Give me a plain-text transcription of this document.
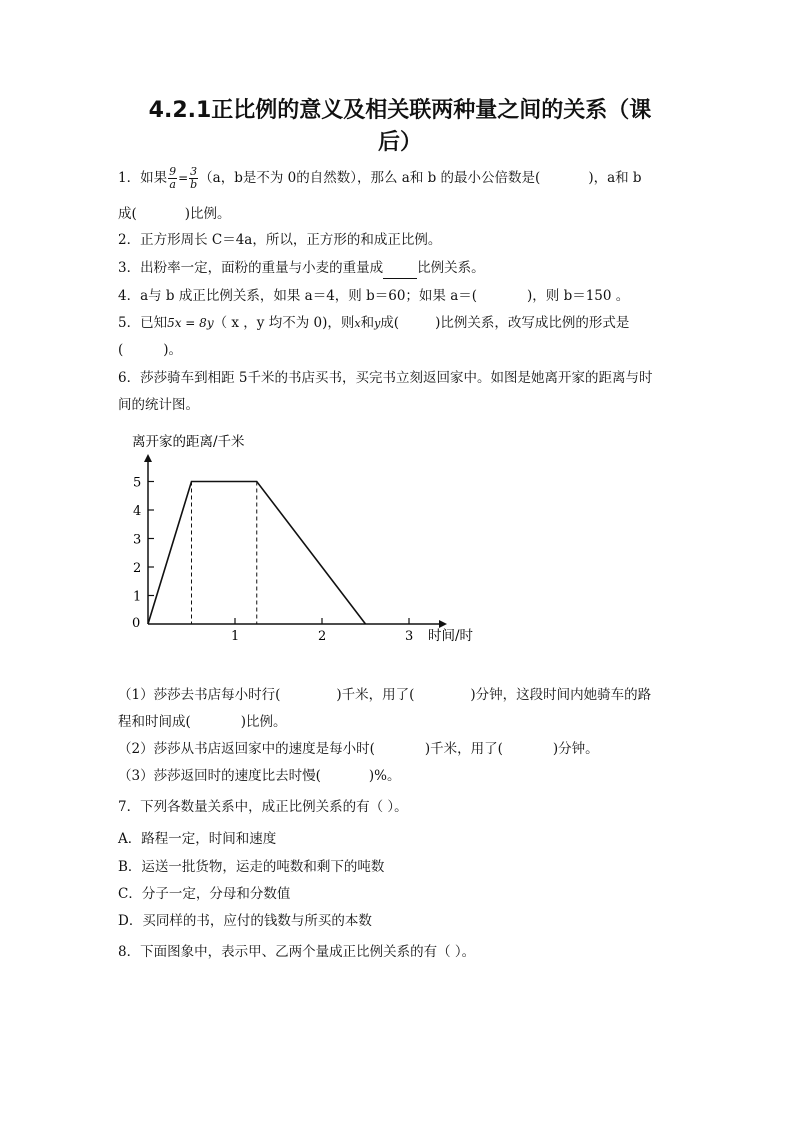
4.2.1正比例的意义及相关联两种量之间的关系（课
后）
1．如果 $\frac{9}{a} = \frac{3}{b} (a$，b是不为 0的自然数），那么 a和 b 的最小公倍数是(	)，a和 b
成(	)比例。
2．正方形周长 C＝4a，所以，正方形的和成正比例。
3．出粉率一定，面粉的重量与小麦的重量成	比例关系。
4．a与 b 成正比例关系，如果 a＝4，则 b＝60；如果 a＝(	)，则 b＝150 。
5．已知5x = 8y（ x ，y 均不为 0)，则x和y成(	)比例关系，改写成比例的形式是
(	)。
6．莎莎骑车到相距 5千米的书店买书，买完书立刻返回家中。如图是她离开家的距离与时
间的统计图。
离开家的距离/千米
时间/时
0
1
2
3
4
5
1	2	3
（1）莎莎去书店每小时行(	)千米，用了(	)分钟，这段时间内她骑车的路
程和时间成(	)比例。
（2）莎莎从书店返回家中的速度是每小时(	)千米，用了(	)分钟。
（3）莎莎返回时的速度比去时慢(	)%。
7．下列各数量关系中，成正比例关系的有（ ）。
A．路程一定，时间和速度
B．运送一批货物，运走的吨数和剩下的吨数
C．分子一定，分母和分数值
D．买同样的书，应付的钱数与所买的本数
8．下面图象中，表示甲、乙两个量成正比例关系的有（ ）。
